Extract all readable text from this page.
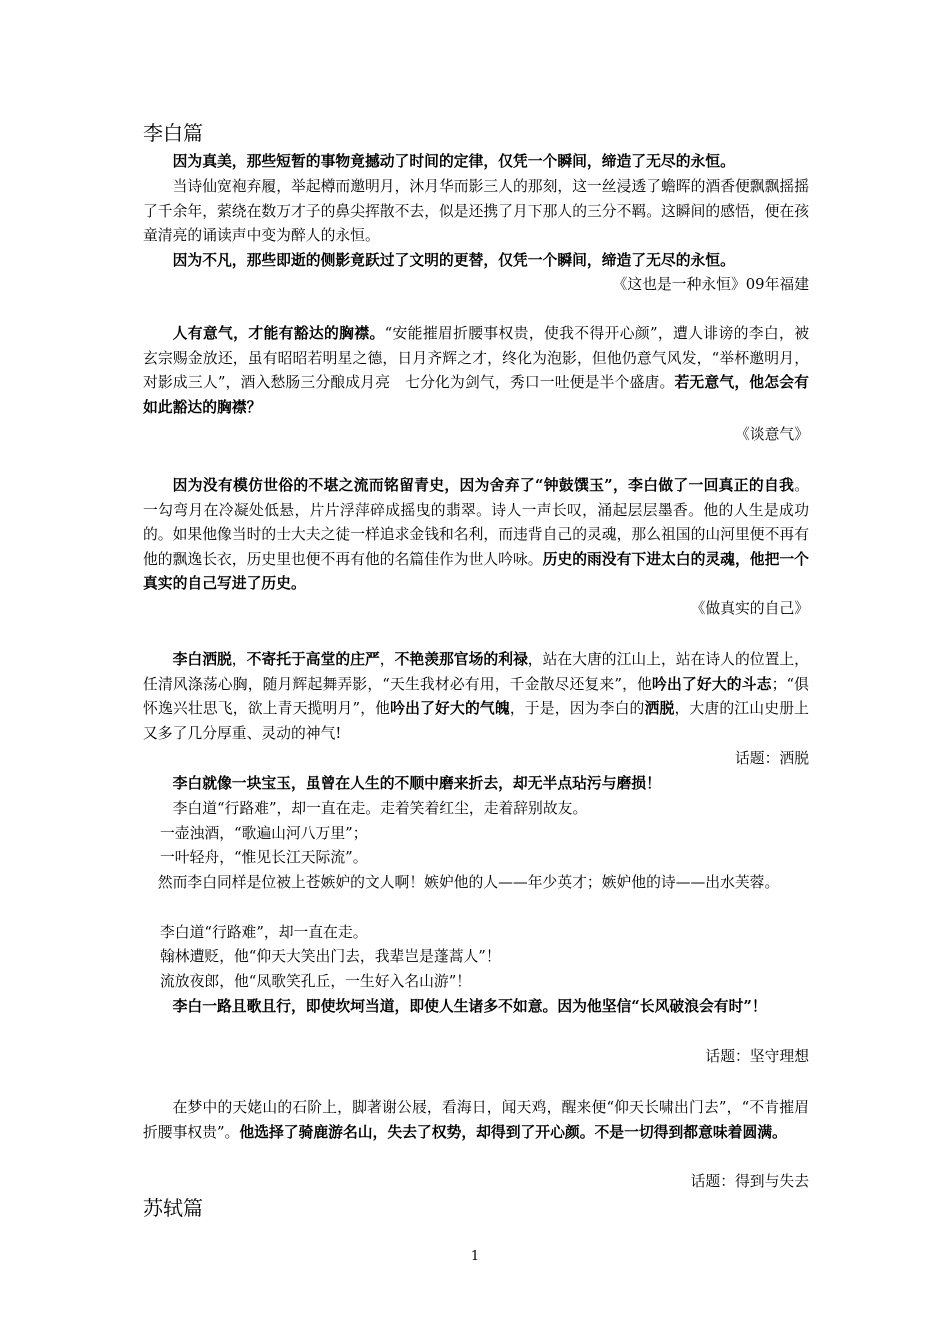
李白篇

因为真美，那些短暂的事物竟撼动了时间的定律，仅凭一个瞬间，缔造了无尽的永恒。

当诗仙宽袍弃履，举起樽而邀明月，沐月华而影三人的那刻，这一丝浸透了蟾晖的酒香便飘飘摇摇了千余年，萦绕在数万才子的鼻尖挥散不去，似是还携了月下那人的三分不羁。这瞬间的感悟，便在孩童清亮的诵读声中变为醉人的永恒。

因为不凡，那些即逝的侧影竟跃过了文明的更替，仅凭一个瞬间，缔造了无尽的永恒。

《这也是一种永恒》09年福建

人有意气，才能有豁达的胸襟。“安能摧眉折腰事权贵，使我不得开心颜”，遭人诽谤的李白，被玄宗赐金放还，虽有昭昭若明星之德，日月齐辉之才，终化为泡影，但他仍意气风发，“举杯邀明月，对影成三人”，酒入愁肠三分酿成月亮　七分化为剑气，秀口一吐便是半个盛唐。若无意气，他怎会有如此豁达的胸襟？

《谈意气》

因为没有模仿世俗的不堪之流而铭留青史，因为舍弃了“钟鼓馔玉”，李白做了一回真正的自我。一勾弯月在冷凝处低悬，片片浮萍碎成摇曳的翡翠。诗人一声长叹，涌起层层墨香。他的人生是成功的。如果他像当时的士大夫之徒一样追求金钱和名利，而违背自己的灵魂，那么祖国的山河里便不再有他的飘逸长衣，历史里也便不再有他的名篇佳作为世人吟咏。历史的雨没有下进太白的灵魂，他把一个真实的自己写进了历史。

《做真实的自己》

李白洒脱，不寄托于高堂的庄严，不艳羡那官场的利禄，站在大唐的江山上，站在诗人的位置上，任清风涤荡心胸，随月辉起舞弄影，“天生我材必有用，千金散尽还复来”，他吟出了好大的斗志；“俱怀逸兴壮思飞，欲上青天揽明月”，他吟出了好大的气魄，于是，因为李白的洒脱，大唐的江山史册上又多了几分厚重、灵动的神气!

话题：洒脱

李白就像一块宝玉，虽曾在人生的不顺中磨来折去，却无半点玷污与磨损！

李白道“行路难”，却一直在走。走着笑着红尘，走着辞别故友。

一壶浊酒，“歌遍山河八万里”；

一叶轻舟，“惟见长江天际流”。

然而李白同样是位被上苍嫉妒的文人啊！嫉妒他的人——年少英才；嫉妒他的诗——出水芙蓉。

李白道“行路难”，却一直在走。

翰林遭贬，他“仰天大笑出门去，我辈岂是蓬蒿人”！

流放夜郎，他“凤歌笑孔丘，一生好入名山游”！

李白一路且歌且行，即使坎坷当道，即使人生诸多不如意。因为他坚信“长风破浪会有时”！

话题：坚守理想

在梦中的天姥山的石阶上，脚著谢公屐，看海日，闻天鸡，醒来便“仰天长啸出门去”，“不肯摧眉折腰事权贵”。他选择了骑鹿游名山，失去了权势，却得到了开心颜。不是一切得到都意味着圆满。

话题：得到与失去

苏轼篇
1
